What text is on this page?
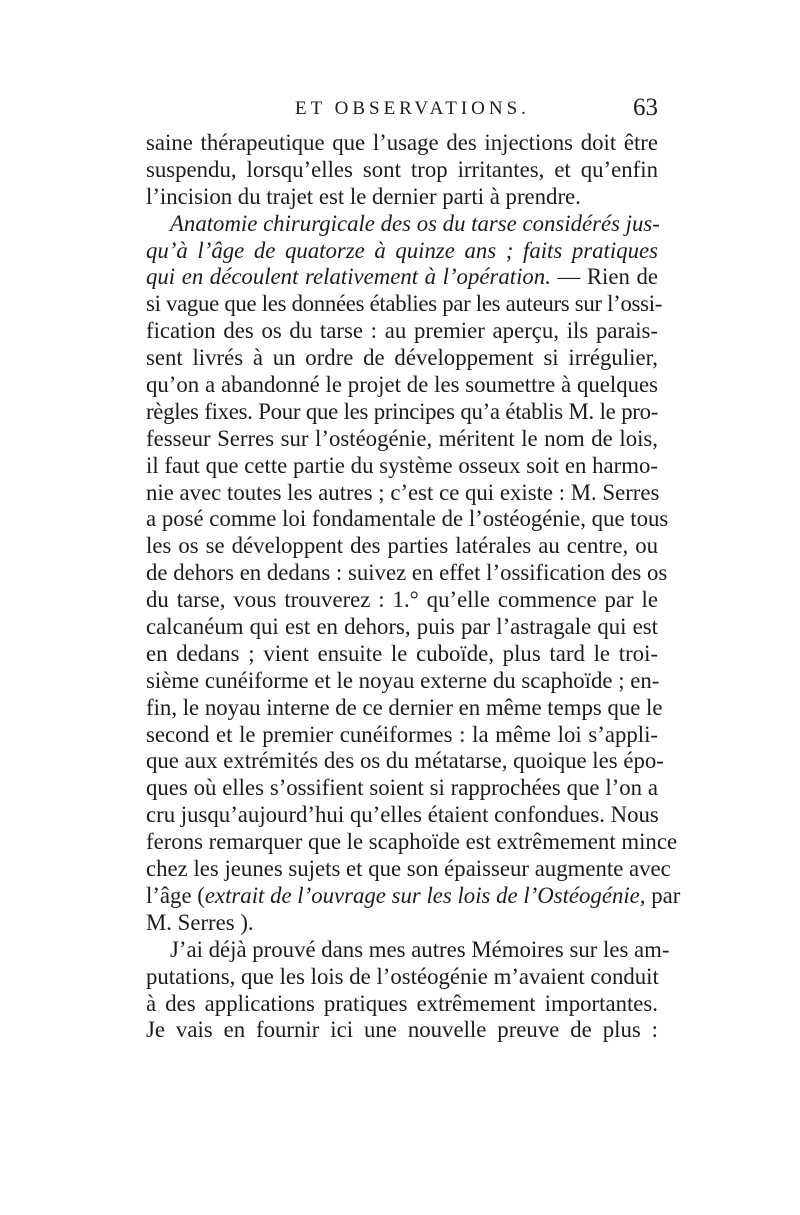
ET OBSERVATIONS.	63
saine thérapeutique que l’usage des injections doit être
suspendu, lorsqu’elles sont trop irritantes, et qu’enfin
l’incision du trajet est le dernier parti à prendre.
Anatomie chirurgicale des os du tarse considérés jus-
qu’à l’âge de quatorze à quinze ans ; faits pratiques
qui en découlent relativement à l’opération. — Rien de
si vague que les données établies par les auteurs sur l’ossi-
fication des os du tarse : au premier aperçu, ils parais-
sent livrés à un ordre de développement si irrégulier,
qu’on a abandonné le projet de les soumettre à quelques
règles fixes. Pour que les principes qu’a établis M. le pro-
fesseur Serres sur l’ostéogénie, méritent le nom de lois,
il faut que cette partie du système osseux soit en harmo-
nie avec toutes les autres ; c’est ce qui existe : M. Serres
a posé comme loi fondamentale de l’ostéogénie, que tous
les os se développent des parties latérales au centre, ou
de dehors en dedans : suivez en effet l’ossification des os
du tarse, vous trouverez : 1.° qu’elle commence par le
calcanéum qui est en dehors, puis par l’astragale qui est
en dedans ; vient ensuite le cuboïde, plus tard le troi-
sième cunéiforme et le noyau externe du scaphoïde ; en-
fin, le noyau interne de ce dernier en même temps que le
second et le premier cunéiformes : la même loi s’appli-
que aux extrémités des os du métatarse, quoique les épo-
ques où elles s’ossifient soient si rapprochées que l’on a
cru jusqu’aujourd’hui qu’elles étaient confondues. Nous
ferons remarquer que le scaphoïde est extrêmement mince
chez les jeunes sujets et que son épaisseur augmente avec
l’âge (extrait de l’ouvrage sur les lois de l’Ostéogénie, par
M. Serres ).
J’ai déjà prouvé dans mes autres Mémoires sur les am-
putations, que les lois de l’ostéogénie m’avaient conduit
à des applications pratiques extrêmement importantes.
Je vais en fournir ici une nouvelle preuve de plus :
